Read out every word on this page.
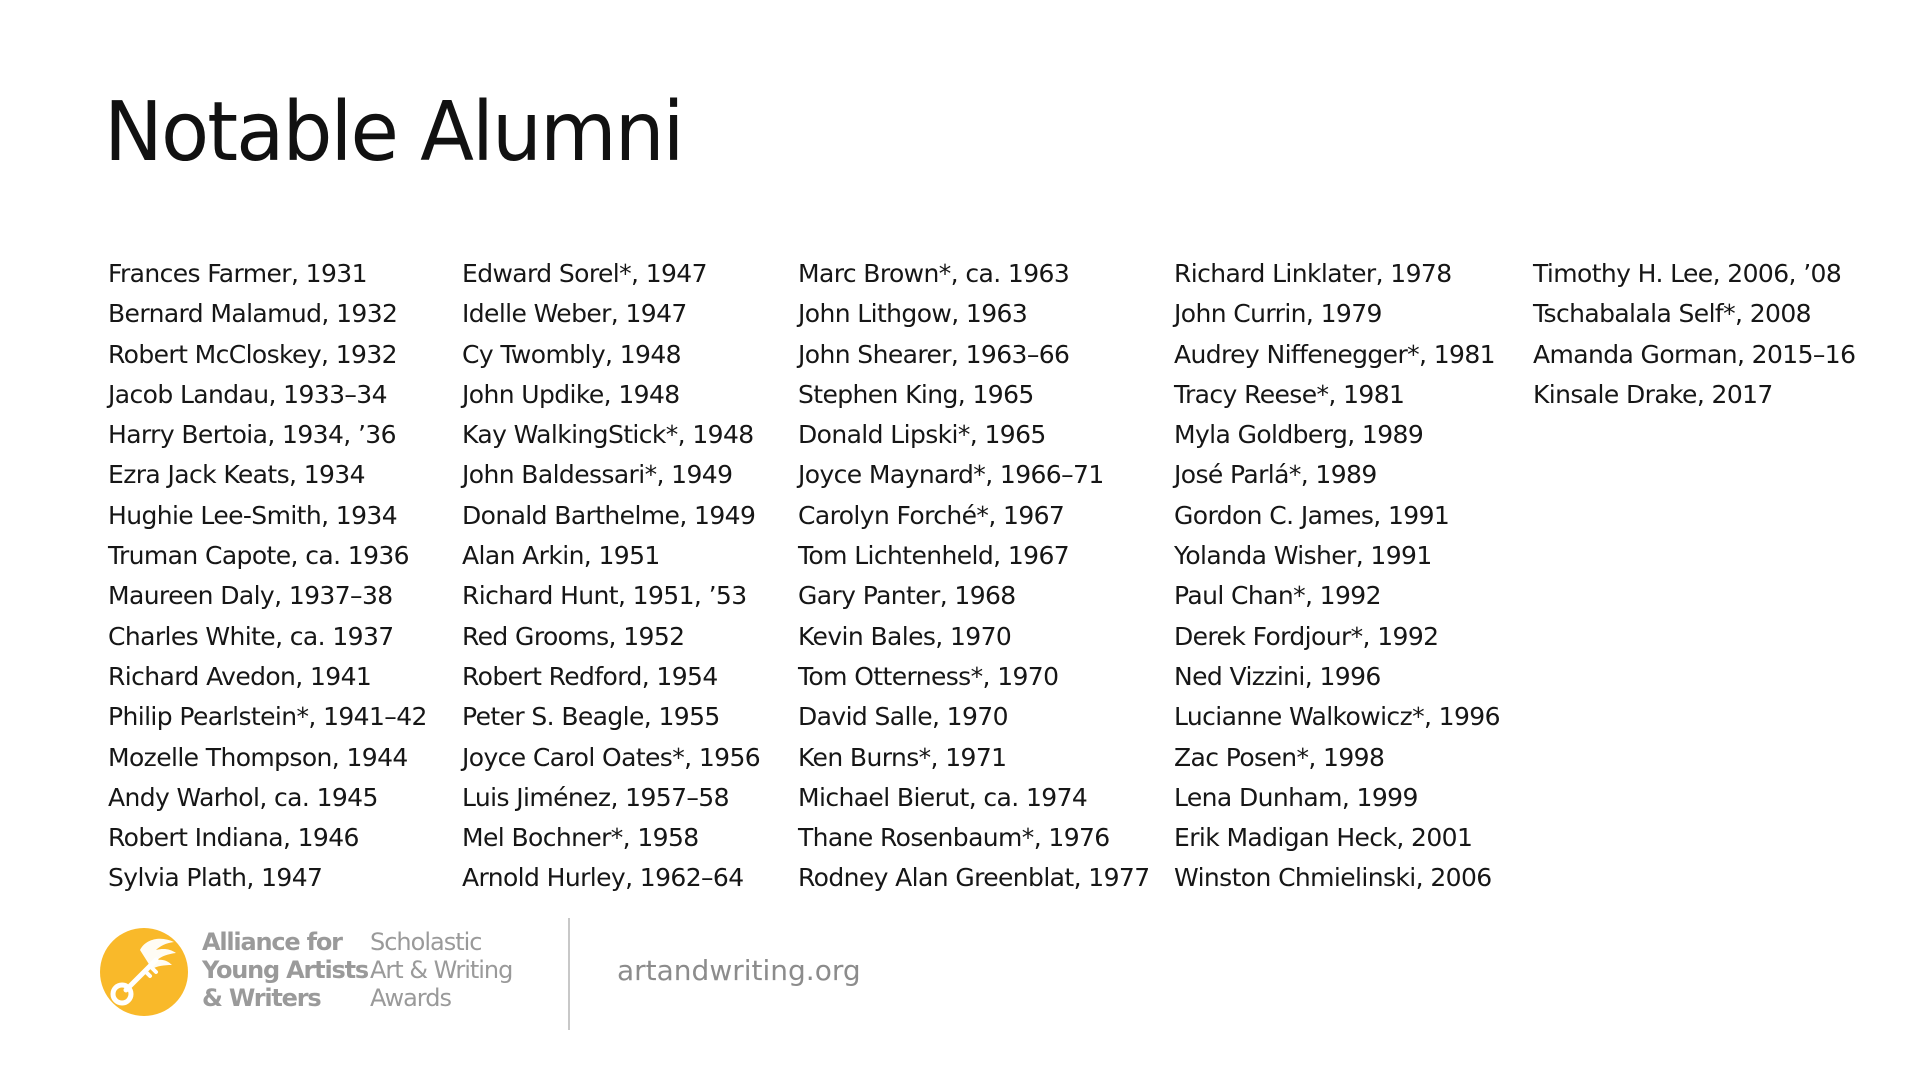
Notable Alumni
Frances Farmer, 1931
Bernard Malamud, 1932
Robert McCloskey, 1932
Jacob Landau, 1933–34
Harry Bertoia, 1934, ’36
Ezra Jack Keats, 1934
Hughie Lee-Smith, 1934
Truman Capote, ca. 1936
Maureen Daly, 1937–38
Charles White, ca. 1937
Richard Avedon, 1941
Philip Pearlstein*, 1941–42
Mozelle Thompson, 1944
Andy Warhol, ca. 1945
Robert Indiana, 1946
Sylvia Plath, 1947
Edward Sorel*, 1947
Idelle Weber, 1947
Cy Twombly, 1948
John Updike, 1948
Kay WalkingStick*, 1948
John Baldessari*, 1949
Donald Barthelme, 1949
Alan Arkin, 1951
Richard Hunt, 1951, ’53
Red Grooms, 1952
Robert Redford, 1954
Peter S. Beagle, 1955
Joyce Carol Oates*, 1956
Luis Jiménez, 1957–58
Mel Bochner*, 1958
Arnold Hurley, 1962–64
Marc Brown*, ca. 1963
John Lithgow, 1963
John Shearer, 1963–66
Stephen King, 1965
Donald Lipski*, 1965
Joyce Maynard*, 1966–71
Carolyn Forché*, 1967
Tom Lichtenheld, 1967
Gary Panter, 1968
Kevin Bales, 1970
Tom Otterness*, 1970
David Salle, 1970
Ken Burns*, 1971
Michael Bierut, ca. 1974
Thane Rosenbaum*, 1976
Rodney Alan Greenblat, 1977
Richard Linklater, 1978
John Currin, 1979
Audrey Niffenegger*, 1981
Tracy Reese*, 1981
Myla Goldberg, 1989
José Parlá*, 1989
Gordon C. James, 1991
Yolanda Wisher, 1991
Paul Chan*, 1992
Derek Fordjour*, 1992
Ned Vizzini, 1996
Lucianne Walkowicz*, 1996
Zac Posen*, 1998
Lena Dunham, 1999
Erik Madigan Heck, 2001
Winston Chmielinski, 2006
Timothy H. Lee, 2006, ’08
Tschabalala Self*, 2008
Amanda Gorman, 2015–16
Kinsale Drake, 2017
Alliance for
Young Artists
& Writers
Scholastic
Art & Writing
Awards
artandwriting.org
